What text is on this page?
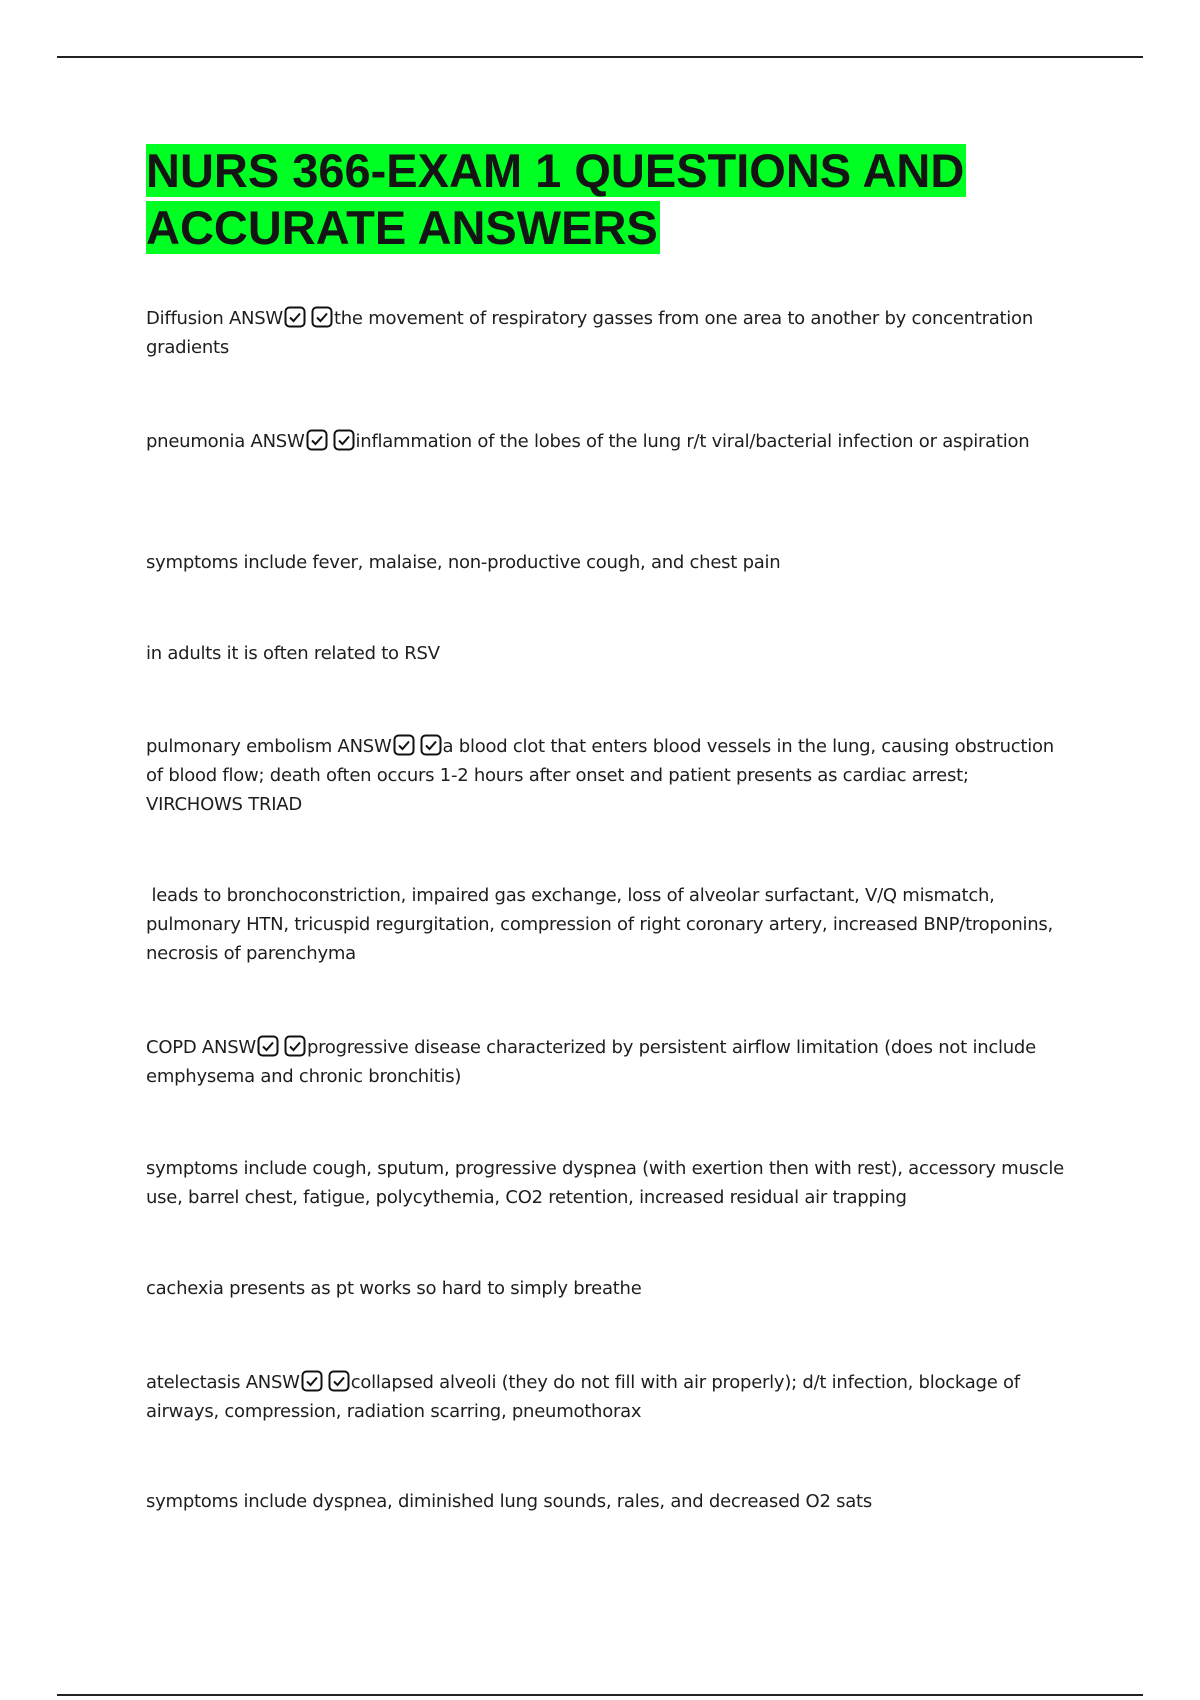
NURS 366-EXAM 1 QUESTIONS AND ACCURATE ANSWERS

Diffusion ANSW	the movement of respiratory gasses from one area to another by concentration gradients

pneumonia ANSW	inflammation of the lobes of the lung r/t viral/bacterial infection or aspiration

symptoms include fever, malaise, non-productive cough, and chest pain

in adults it is often related to RSV

pulmonary embolism ANSW	a blood clot that enters blood vessels in the lung, causing obstruction of blood flow; death often occurs 1-2 hours after onset and patient presents as cardiac arrest; VIRCHOWS TRIAD

leads to bronchoconstriction, impaired gas exchange, loss of alveolar surfactant, V/Q mismatch, pulmonary HTN, tricuspid regurgitation, compression of right coronary artery, increased BNP/troponins, necrosis of parenchyma

COPD ANSW	progressive disease characterized by persistent airflow limitation (does not include emphysema and chronic bronchitis)

symptoms include cough, sputum, progressive dyspnea (with exertion then with rest), accessory muscle use, barrel chest, fatigue, polycythemia, CO2 retention, increased residual air trapping

cachexia presents as pt works so hard to simply breathe

atelectasis ANSW	collapsed alveoli (they do not fill with air properly); d/t infection, blockage of airways, compression, radiation scarring, pneumothorax

symptoms include dyspnea, diminished lung sounds, rales, and decreased O2 sats
